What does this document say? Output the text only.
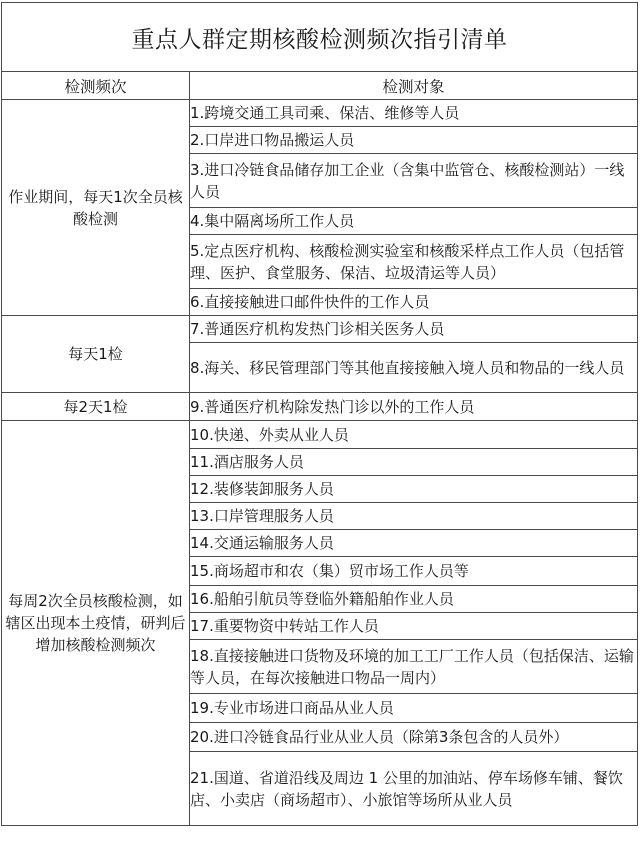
重点人群定期核酸检测频次指引清单	
检测频次	检测对象
作业期间，每天1次全员核酸检测	1.跨境交通工具司乘、保洁、维修等人员
	2.口岸进口物品搬运人员
	3.进口冷链食品储存加工企业（含集中监管仓、核酸检测站）一线人员
	4.集中隔离场所工作人员
	5.定点医疗机构、核酸检测实验室和核酸采样点工作人员（包括管理、医护、食堂服务、保洁、垃圾清运等人员）
	6.直接接触进口邮件快件的工作人员
每天1检	7.普通医疗机构发热门诊相关医务人员
	8.海关、移民管理部门等其他直接接触入境人员和物品的一线人员
每2天1检	9.普通医疗机构除发热门诊以外的工作人员
每周2次全员核酸检测，如辖区出现本土疫情，研判后增加核酸检测频次	10.快递、外卖从业人员
	11.酒店服务人员
	12.装修装卸服务人员
	13.口岸管理服务人员
	14.交通运输服务人员
	15.商场超市和农（集）贸市场工作人员等
	16.船舶引航员等登临外籍船舶作业人员
	17.重要物资中转站工作人员
	18.直接接触进口货物及环境的加工工厂工作人员（包括保洁、运输等人员，在每次接触进口物品一周内）
	19.专业市场进口商品从业人员
	20.进口冷链食品行业从业人员（除第3条包含的人员外）
	21.国道、省道沿线及周边 1 公里的加油站、停车场修车铺、餐饮店、小卖店（商场超市）、小旅馆等场所从业人员
